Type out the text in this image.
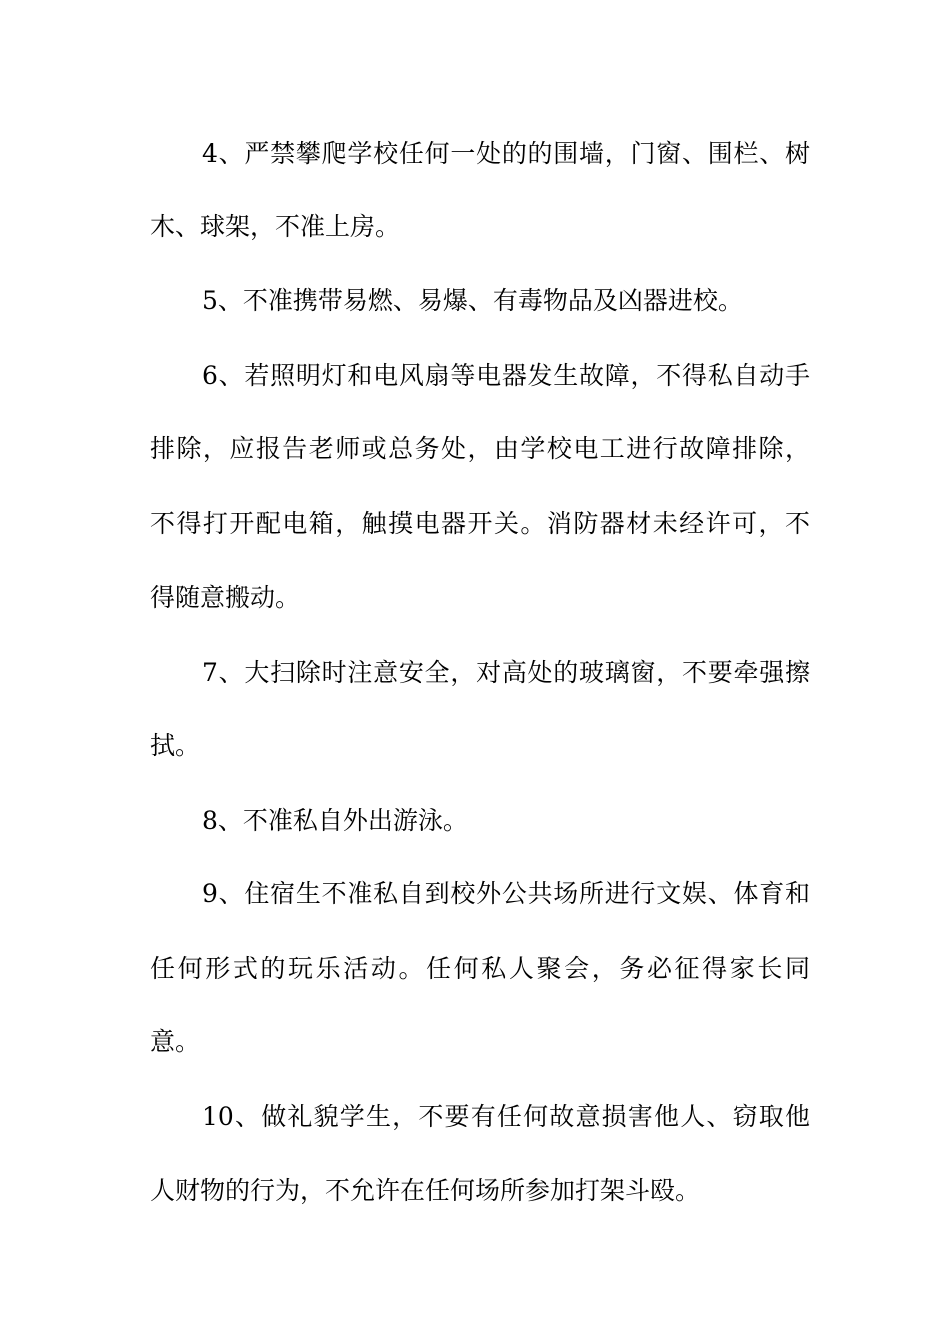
4、严禁攀爬学校任何一处的的围墙，门窗、围栏、树
木、球架，不准上房。
5、不准携带易燃、易爆、有毒物品及凶器进校。
6、若照明灯和电风扇等电器发生故障，不得私自动手
排除，应报告老师或总务处，由学校电工进行故障排除，
不得打开配电箱，触摸电器开关。消防器材未经许可，不
得随意搬动。
7、大扫除时注意安全，对高处的玻璃窗，不要牵强擦
拭。
8、不准私自外出游泳。
9、住宿生不准私自到校外公共场所进行文娱、体育和
任何形式的玩乐活动。任何私人聚会，务必征得家长同
意。
10、做礼貌学生，不要有任何故意损害他人、窃取他
人财物的行为，不允许在任何场所参加打架斗殴。
